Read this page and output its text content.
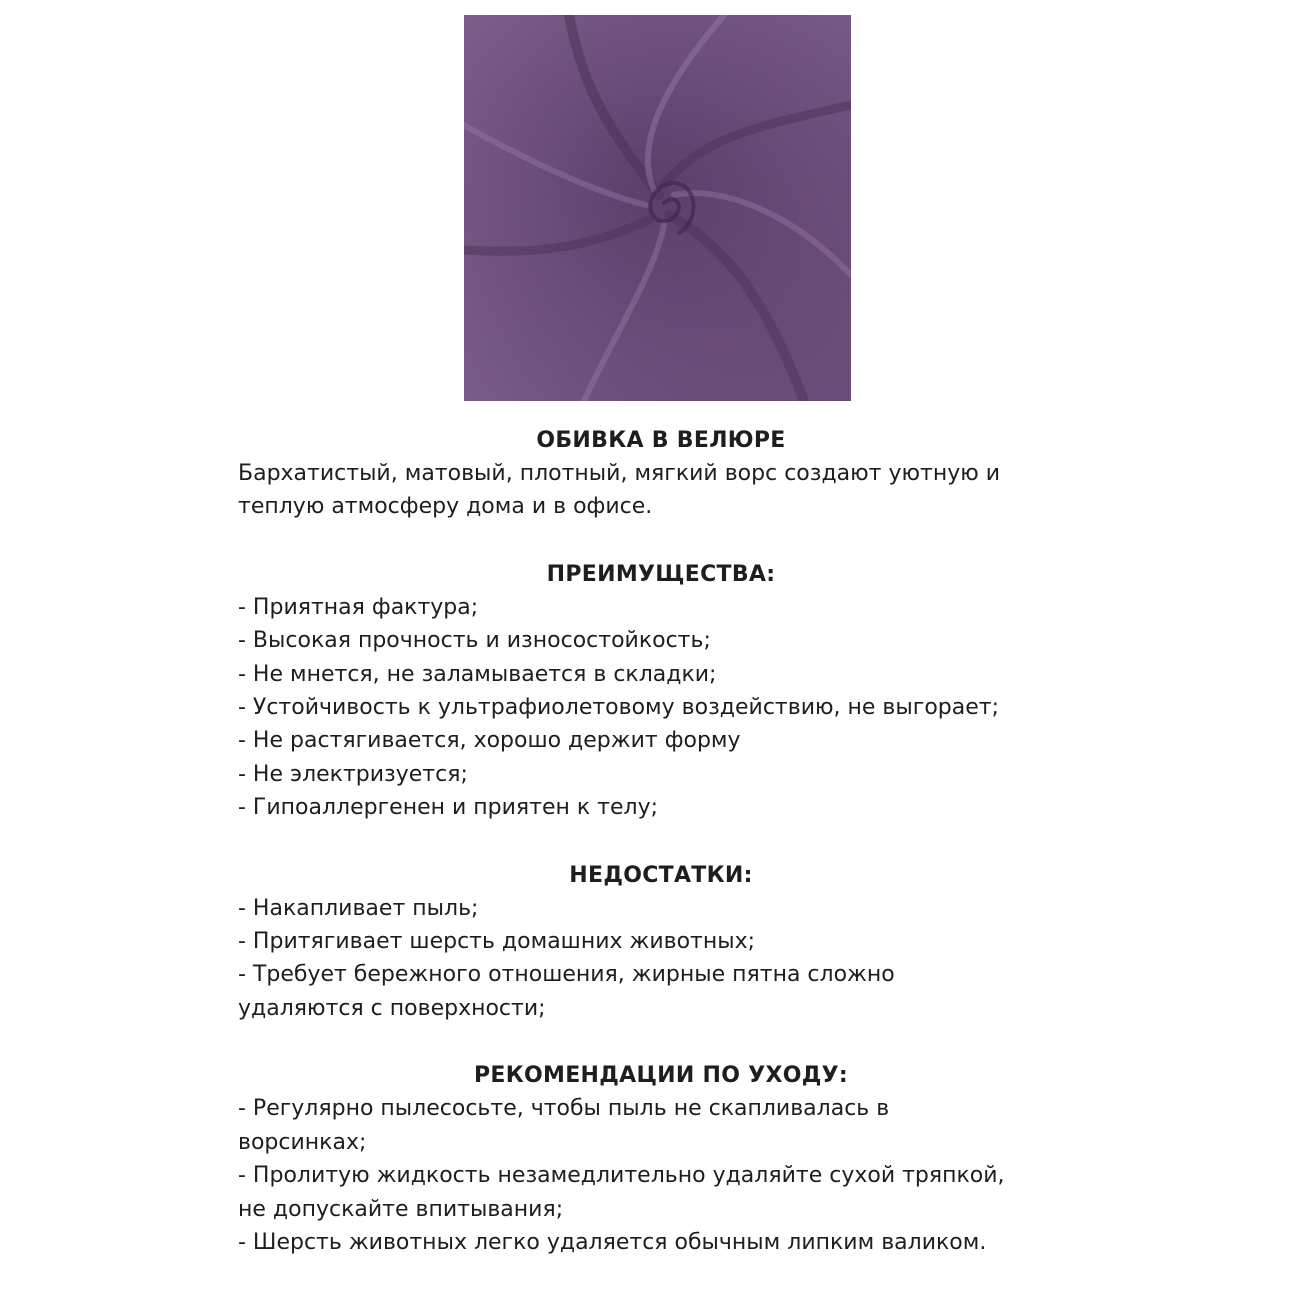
ОБИВКА В ВЕЛЮРЕ
Бархатистый, матовый, плотный, мягкий ворс создают уютную и
теплую атмосферу дома и в офисе.
ПРЕИМУЩЕСТВА:
- Приятная фактура;
- Высокая прочность и износостойкость;
- Не мнется, не заламывается в складки;
- Устойчивость к ультрафиолетовому воздействию, не выгорает;
- Не растягивается, хорошо держит форму
- Не электризуется;
- Гипоаллергенен и приятен к телу;
НЕДОСТАТКИ:
- Накапливает пыль;
- Притягивает шерсть домашних животных;
- Требует бережного отношения, жирные пятна сложно
удаляются с поверхности;
РЕКОМЕНДАЦИИ ПО УХОДУ:
- Регулярно пылесосьте, чтобы пыль не скапливалась в
ворсинках;
- Пролитую жидкость незамедлительно удаляйте сухой тряпкой,
не допускайте впитывания;
- Шерсть животных легко удаляется обычным липким валиком.
